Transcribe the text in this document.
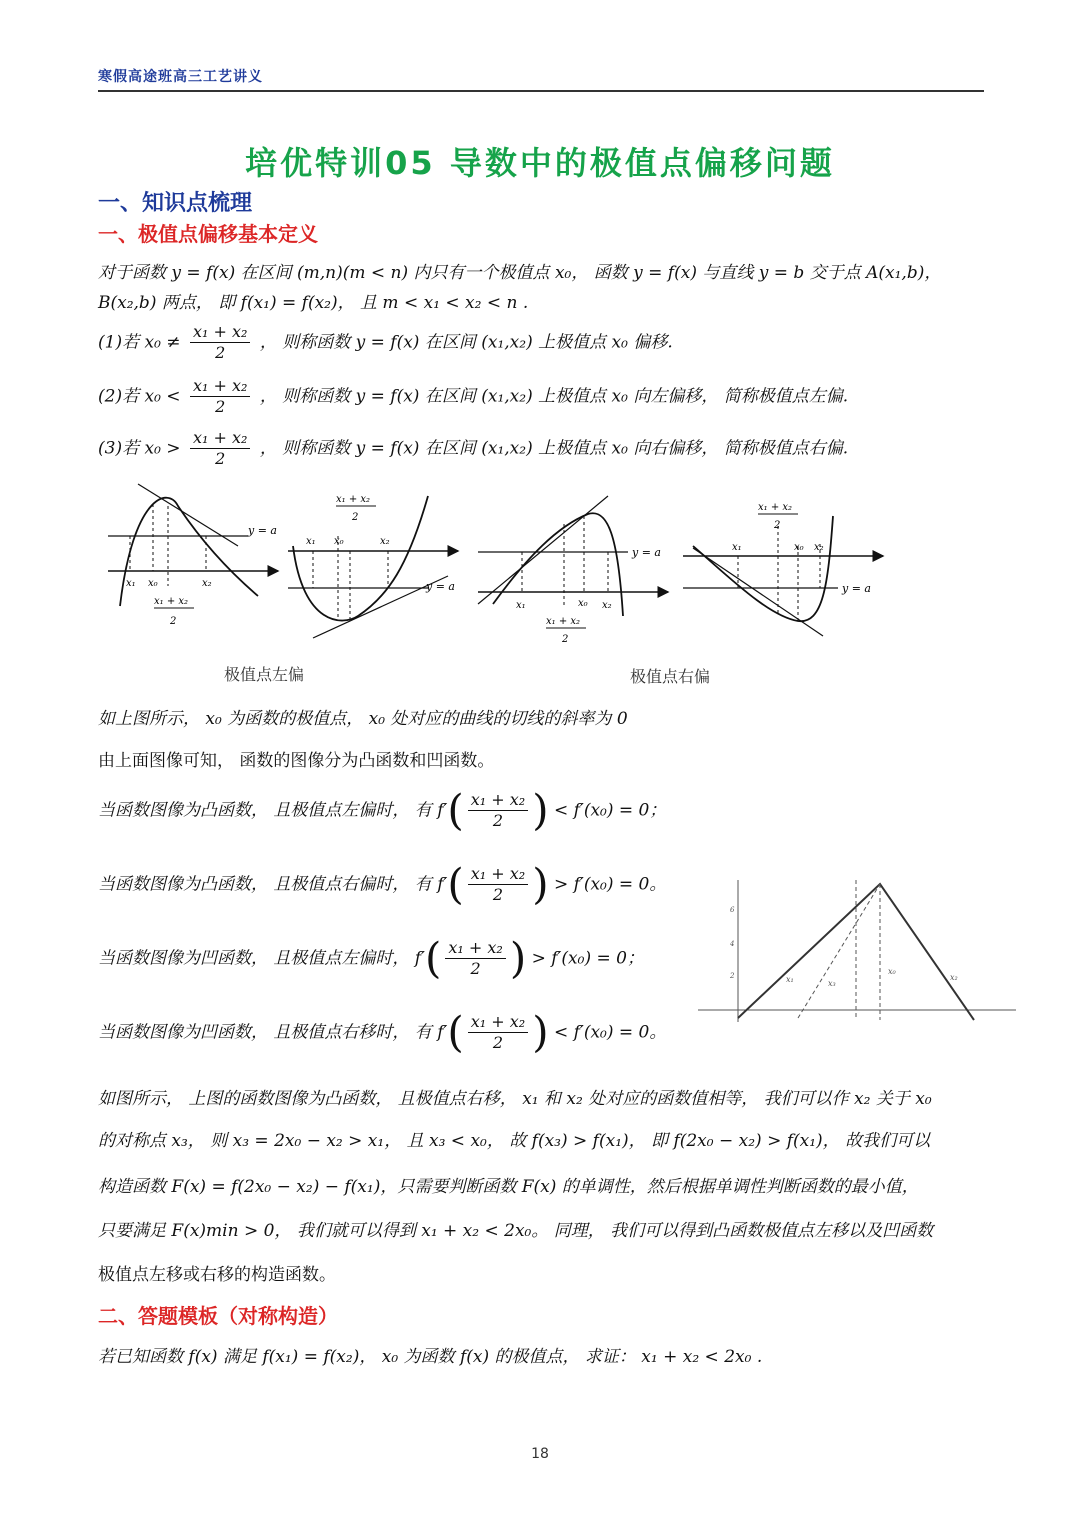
寒假高途班高三工艺讲义
培优特训05 导数中的极值点偏移问题
一、知识点梳理
一、极值点偏移基本定义
对于函数 y = f(x) 在区间 (m,n)(m < n) 内只有一个极值点 x₀， 函数 y = f(x) 与直线 y = b 交于点 A(x₁,b)，
B(x₂,b) 两点， 即 f(x₁) = f(x₂)， 且 m < x₁ < x₂ < n .
(1)若 $x_0 \ne \frac{\text{x₁ + x₂}}{2}$ ， 则称函数 y = f(x) 在区间 (x₁,x₂) 上极值点 x₀ 偏移.
(2)若 $x_0 < \frac{\text{x₁ + x₂}}{2}$ ， 则称函数 y = f(x) 在区间 (x₁,x₂) 上极值点 x₀ 向左偏移， 简称极值点左偏.
(3)若 $x_0 > \frac{\text{x₁ + x₂}}{2}$ ， 则称函数 y = f(x) 在区间 (x₁,x₂) 上极值点 x₀ 向右偏移， 简称极值点右偏.
y = a
x₁ x₀	x₂
x₁ + x₂
2
y = a
x₁ x₀	x₂
x₁ + x₂
2
y = a
x₁	x₀ x₂
x₁ + x₂
2
y = a
x₁	x₀ x₂
x₁ + x₂
2
极值点左偏	极值点右偏
如上图所示， x₀ 为函数的极值点， x₀ 处对应的曲线的切线的斜率为 0
由上面图像可知， 函数的图像分为凸函数和凹函数。
当函数图像为凸函数， 且极值点左偏时， 有 $f'( \frac{\text{x₁ + x₂}}{2}$ ) < f′(x₀) = 0；
当函数图像为凸函数， 且极值点右偏时， 有 $f'( \frac{\text{x₁ + x₂}}{2}$ ) > f′(x₀) = 0。
当函数图像为凹函数， 且极值点左偏时， $f'( \frac{\text{x₁ + x₂}}{2}$ ) > f′(x₀) = 0；
当函数图像为凹函数， 且极值点右移时， 有 $f'( \frac{\text{x₁ + x₂}}{2}$ ) < f′(x₀) = 0。
6
4
2	x₁	x₃
x₀
x₂
如图所示， 上图的函数图像为凸函数， 且极值点右移， x₁ 和 x₂ 处对应的函数值相等， 我们可以作 x₂ 关于 x₀
的对称点 x₃， 则 x₃ = 2x₀ − x₂ > x₁， 且 x₃ < x₀， 故 f(x₃) > f(x₁)， 即 f(2x₀ − x₂) > f(x₁)， 故我们可以
构造函数 F(x) = f(2x₀ − x₂) − f(x₁)，只需要判断函数 F(x) 的单调性，然后根据单调性判断函数的最小值，
只要满足 F(x)min > 0， 我们就可以得到 x₁ + x₂ < 2x₀。 同理， 我们可以得到凸函数极值点左移以及凹函数
极值点左移或右移的构造函数。
二、答题模板（对称构造）
若已知函数 f(x) 满足 f(x₁) = f(x₂)， x₀ 为函数 f(x) 的极值点， 求证： x₁ + x₂ < 2x₀ .
18
